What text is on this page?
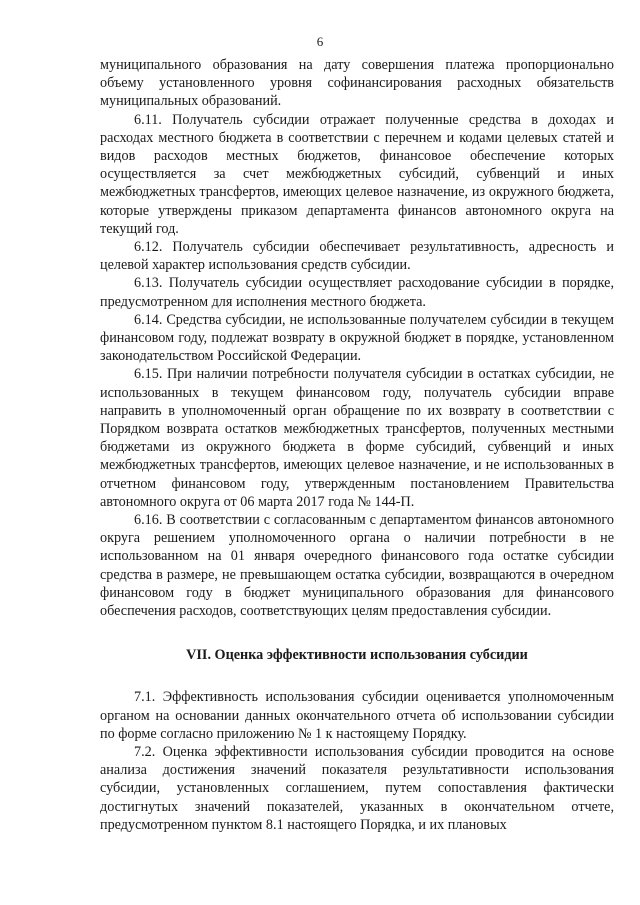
6

муниципального образования на дату совершения платежа пропорционально объему установленного уровня софинансирования расходных обязательств муниципальных образований.

6.11. Получатель субсидии отражает полученные средства в доходах и расходах местного бюджета в соответствии с перечнем и кодами целевых статей и видов расходов местных бюджетов, финансовое обеспечение которых осуществляется за счет межбюджетных субсидий, субвенций и иных межбюджетных трансфертов, имеющих целевое назначение, из окружного бюджета, которые утверждены приказом департамента финансов автономного округа на текущий год.

6.12. Получатель субсидии обеспечивает результативность, адресность и целевой характер использования средств субсидии.

6.13. Получатель субсидии осуществляет расходование субсидии в порядке, предусмотренном для исполнения местного бюджета.

6.14. Средства субсидии, не использованные получателем субсидии в текущем финансовом году, подлежат возврату в окружной бюджет в порядке, установленном законодательством Российской Федерации.

6.15. При наличии потребности получателя субсидии в остатках субсидии, не использованных в текущем финансовом году, получатель субсидии вправе направить в уполномоченный орган обращение по их возврату в соответствии с Порядком возврата остатков межбюджетных трансфертов, полученных местными бюджетами из окружного бюджета в форме субсидий, субвенций и иных межбюджетных трансфертов, имеющих целевое назначение, и не использованных в отчетном финансовом году, утвержденным постановлением Правительства автономного округа от 06 марта 2017 года № 144-П.

6.16. В соответствии с согласованным с департаментом финансов автономного округа решением уполномоченного органа о наличии потребности в не использованном на 01 января очередного финансового года остатке субсидии средства в размере, не превышающем остатка субсидии, возвращаются в очередном финансовом году в бюджет муниципального образования для финансового обеспечения расходов, соответствующих целям предоставления субсидии.

VII. Оценка эффективности использования субсидии

7.1. Эффективность использования субсидии оценивается уполномоченным органом на основании данных окончательного отчета об использовании субсидии по форме согласно приложению № 1 к настоящему Порядку.

7.2. Оценка эффективности использования субсидии проводится на основе анализа достижения значений показателя результативности использования субсидии, установленных соглашением, путем сопоставления фактически достигнутых значений показателей, указанных в окончательном отчете, предусмотренном пунктом 8.1 настоящего Порядка, и их плановых
